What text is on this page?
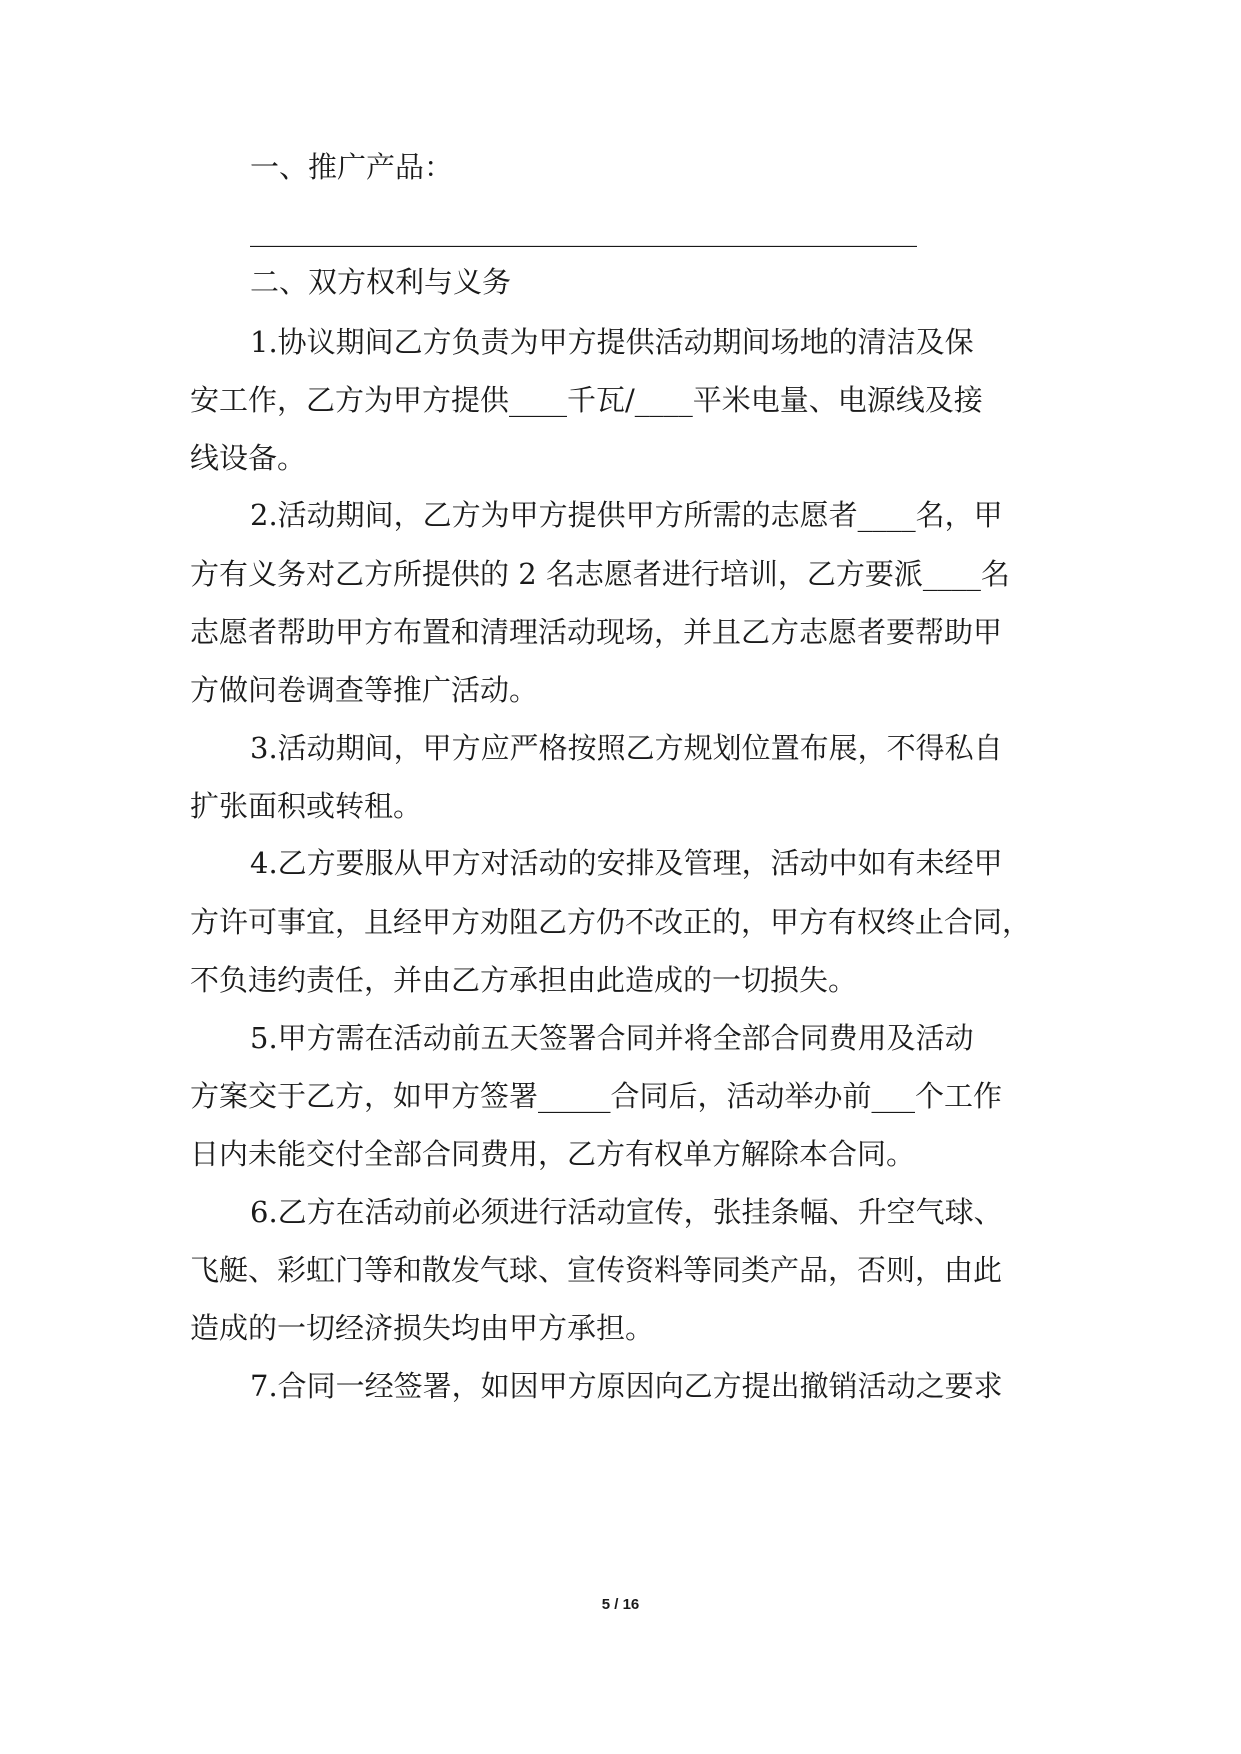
一、推广产品：

______________________________________________

二、双方权利与义务

1.协议期间乙方负责为甲方提供活动期间场地的清洁及保

安工作，乙方为甲方提供____千瓦/____平米电量、电源线及接

线设备。

2.活动期间，乙方为甲方提供甲方所需的志愿者____名，甲

方有义务对乙方所提供的 2 名志愿者进行培训，乙方要派____名

志愿者帮助甲方布置和清理活动现场，并且乙方志愿者要帮助甲

方做问卷调查等推广活动。

3.活动期间，甲方应严格按照乙方规划位置布展，不得私自

扩张面积或转租。

4.乙方要服从甲方对活动的安排及管理，活动中如有未经甲

方许可事宜，且经甲方劝阻乙方仍不改正的，甲方有权终止合同，

不负违约责任，并由乙方承担由此造成的一切损失。

5.甲方需在活动前五天签署合同并将全部合同费用及活动

方案交于乙方，如甲方签署_____合同后，活动举办前___个工作

日内未能交付全部合同费用，乙方有权单方解除本合同。

6.乙方在活动前必须进行活动宣传，张挂条幅、升空气球、

飞艇、彩虹门等和散发气球、宣传资料等同类产品，否则，由此

造成的一切经济损失均由甲方承担。

7.合同一经签署，如因甲方原因向乙方提出撤销活动之要求

5 / 16
